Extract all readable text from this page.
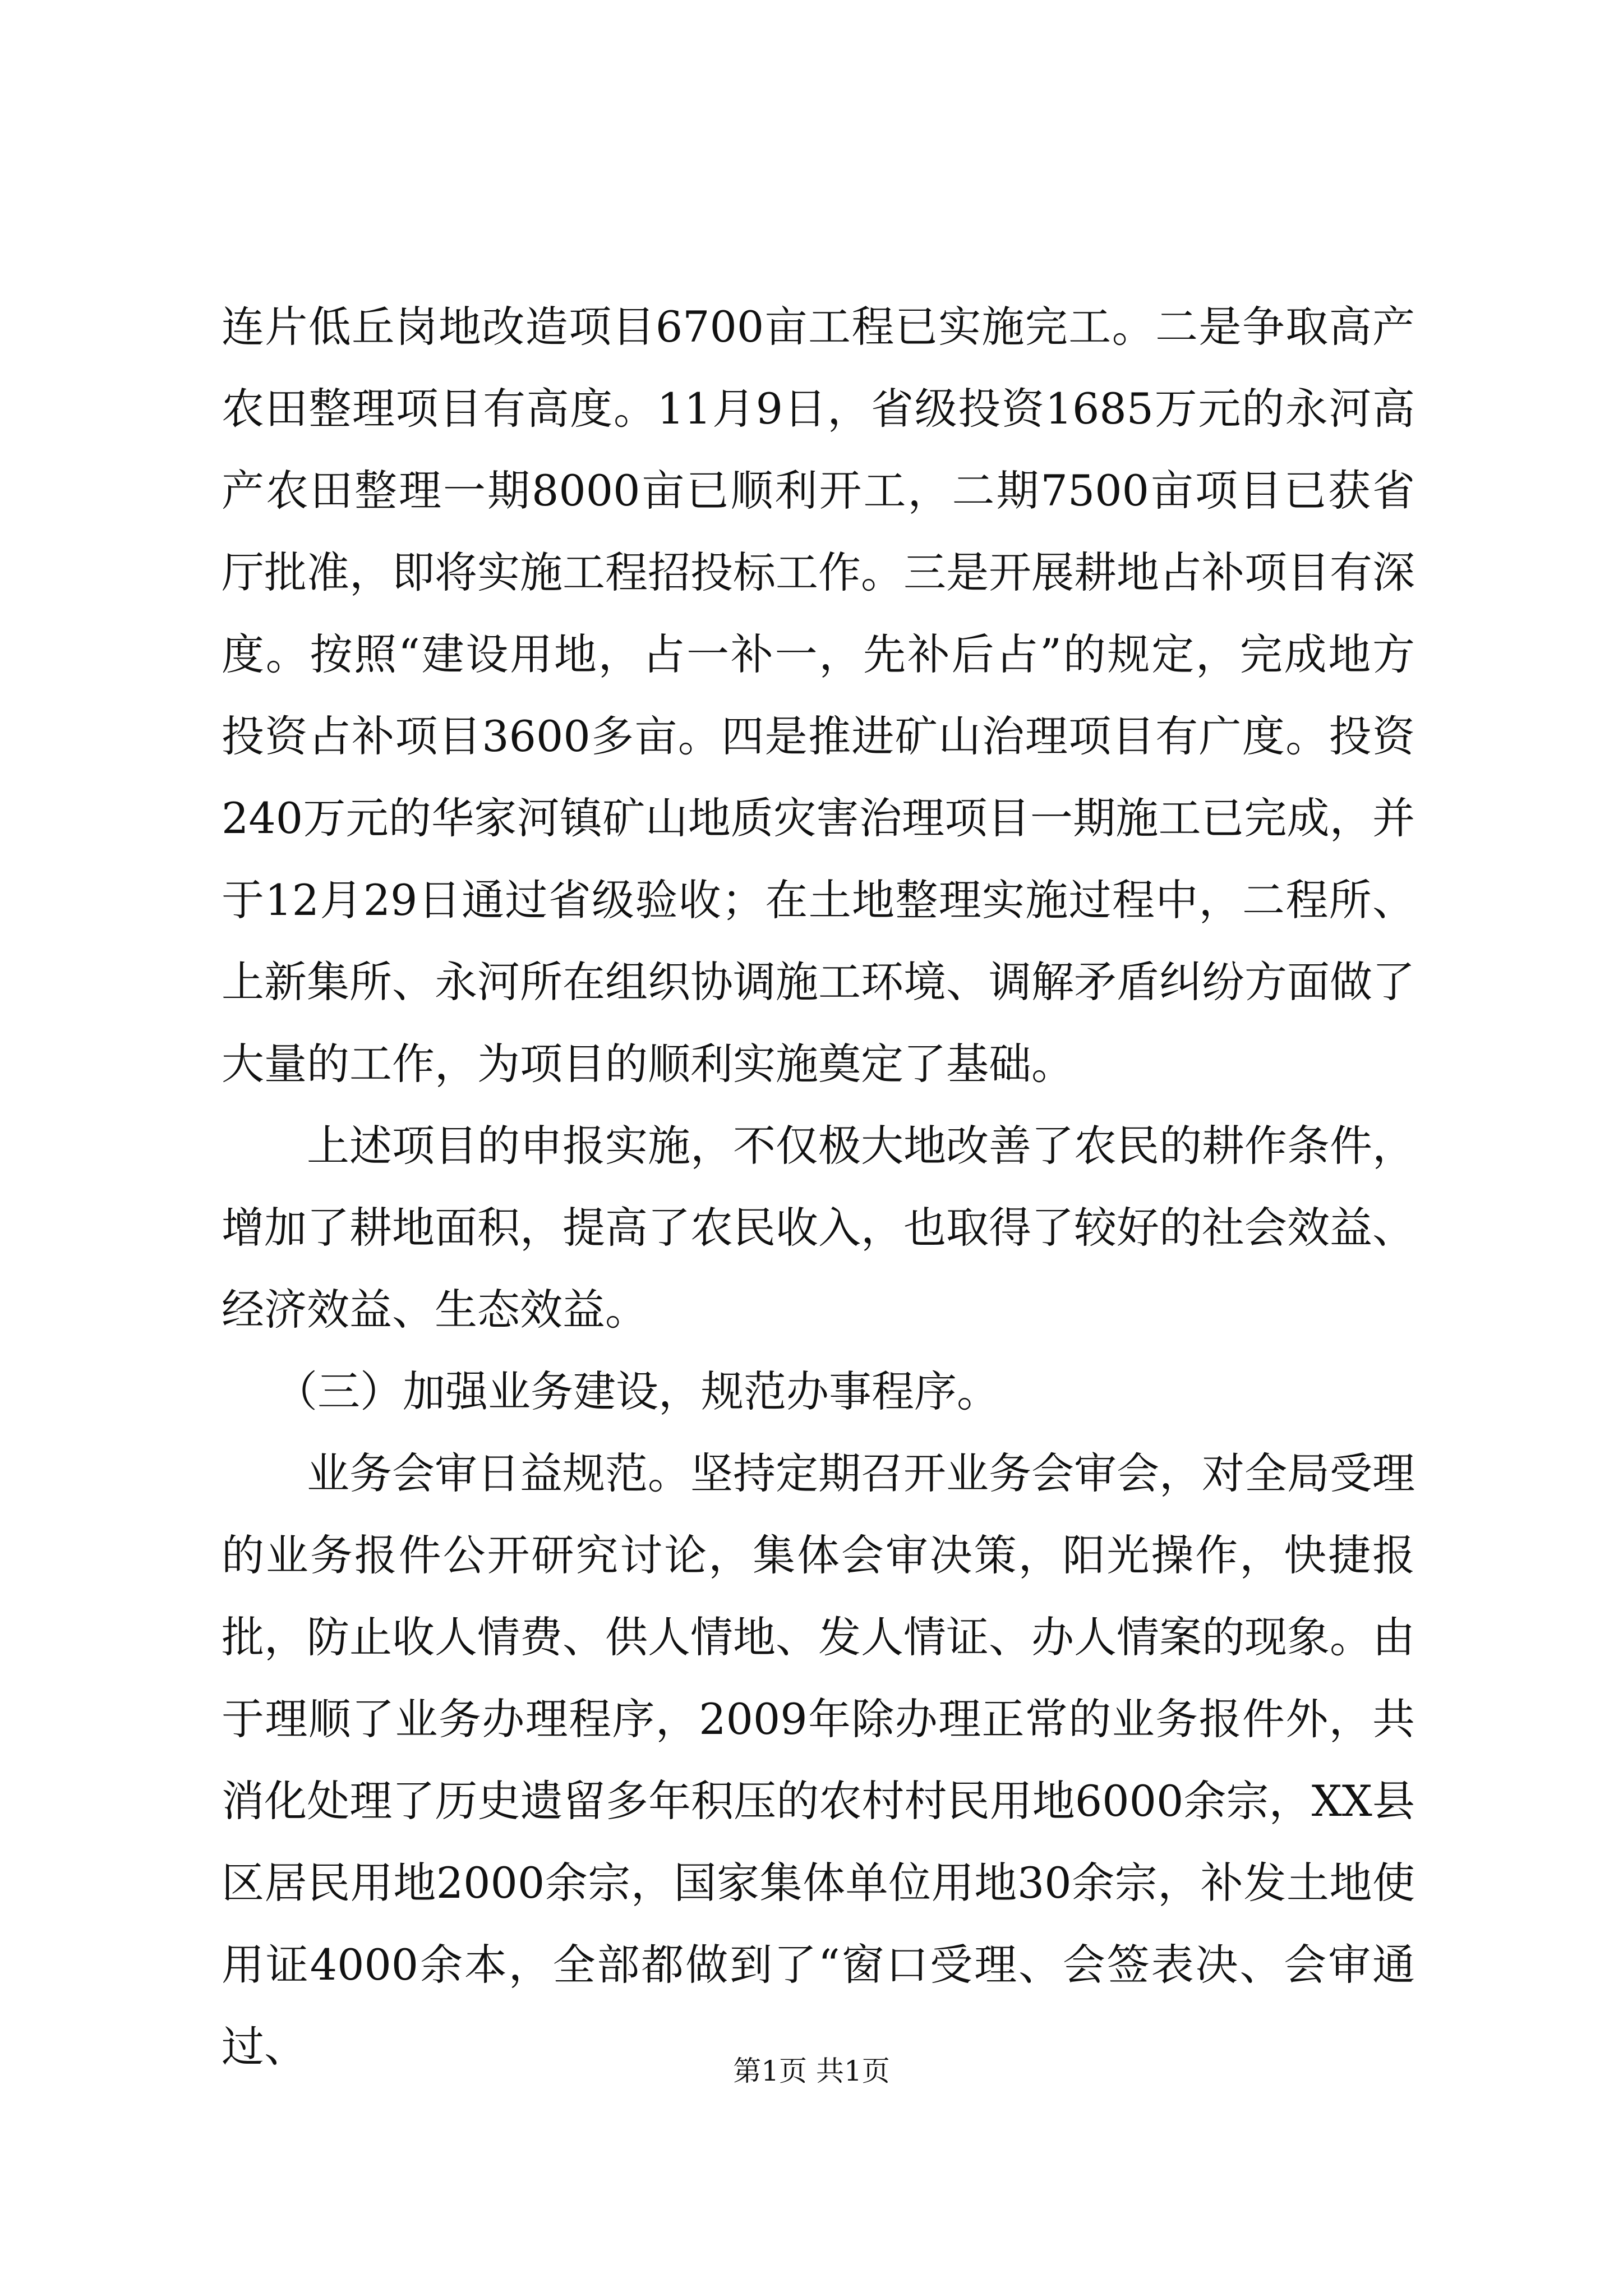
连片低丘岗地改造项目6700亩工程已实施完工。二是争取高产农田整理项目有高度。11月9日，省级投资1685万元的永河高产农田整理一期8000亩已顺利开工，二期7500亩项目已获省厅批准，即将实施工程招投标工作。三是开展耕地占补项目有深度。按照“建设用地，占一补一，先补后占”的规定，完成地方投资占补项目3600多亩。四是推进矿山治理项目有广度。投资240万元的华家河镇矿山地质灾害治理项目一期施工已完成，并于12月29日通过省级验收；在土地整理实施过程中，二程所、上新集所、永河所在组织协调施工环境、调解矛盾纠纷方面做了大量的工作，为项目的顺利实施奠定了基础。

上述项目的申报实施，不仅极大地改善了农民的耕作条件，增加了耕地面积，提高了农民收入，也取得了较好的社会效益、经济效益、生态效益。

（三）加强业务建设，规范办事程序。

业务会审日益规范。坚持定期召开业务会审会，对全局受理的业务报件公开研究讨论，集体会审决策，阳光操作，快捷报批，防止收人情费、供人情地、发人情证、办人情案的现象。由于理顺了业务办理程序，2009年除办理正常的业务报件外，共消化处理了历史遗留多年积压的农村村民用地6000余宗，XX县区居民用地2000余宗，国家集体单位用地30余宗，补发土地使用证4000余本，全部都做到了“窗口受理、会签表决、会审通过、	第1页 共1页
